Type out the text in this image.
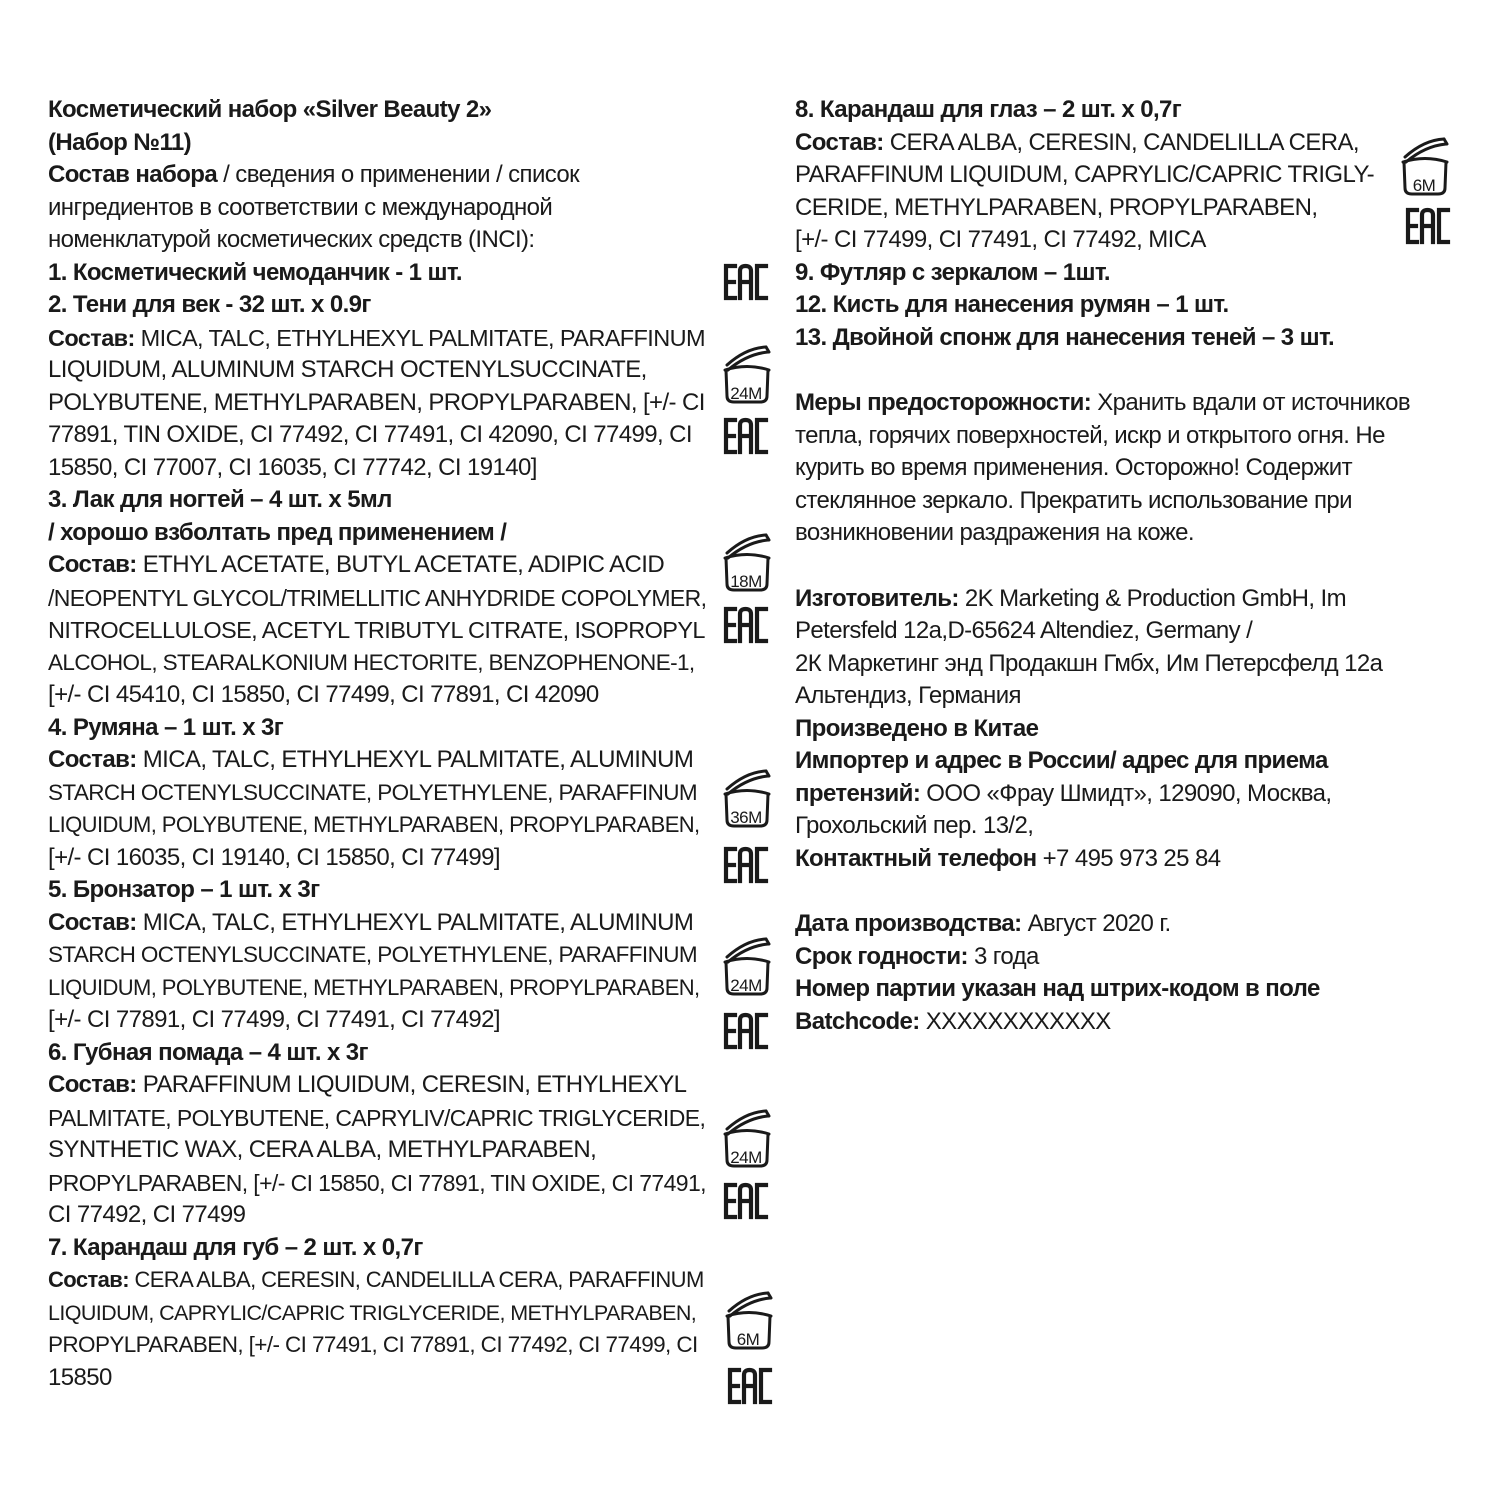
Косметический набор «Silver Beauty 2»

(Набор №11)

Состав набора / сведения о применении / список

ингредиентов в соответствии с международной

номенклатурой косметических средств (INCI):

1. Косметический чемоданчик - 1 шт.

2. Тени для век - 32 шт. x 0.9г

Состав: MICA, TALC, ETHYLHEXYL PALMITATE, PARAFFINUM

LIQUIDUM, ALUMINUM STARCH OCTENYLSUCCINATE,

POLYBUTENE, METHYLPARABEN, PROPYLPARABEN, [+/- CI

77891, TIN OXIDE, CI 77492, CI 77491, CI 42090, CI 77499, CI

15850, CI 77007, CI 16035, CI 77742, CI 19140]

3. Лак для ногтей – 4 шт. х 5мл

/ хорошо взболтать пред применением /

Состав: ETHYL ACETATE, BUTYL ACETATE, ADIPIC ACID

/NEOPENTYL GLYCOL/TRIMELLITIC ANHYDRIDE COPOLYMER,

NITROCELLULOSE, ACETYL TRIBUTYL CITRATE, ISOPROPYL

ALCOHOL, STEARALKONIUM HECTORITE, BENZOPHENONE-1,

[+/- CI 45410, CI 15850, CI 77499, CI 77891, CI 42090

4. Румяна – 1 шт. х 3г

Состав: MICA, TALC, ETHYLHEXYL PALMITATE, ALUMINUM

STARCH OCTENYLSUCCINATE, POLYETHYLENE, PARAFFINUM

LIQUIDUM, POLYBUTENE, METHYLPARABEN, PROPYLPARABEN,

[+/- CI 16035, CI 19140, CI 15850, CI 77499]

5. Бронзатор – 1 шт. х 3г

Состав: MICA, TALC, ETHYLHEXYL PALMITATE, ALUMINUM

STARCH OCTENYLSUCCINATE, POLYETHYLENE, PARAFFINUM

LIQUIDUM, POLYBUTENE, METHYLPARABEN, PROPYLPARABEN,

[+/- CI 77891, CI 77499, CI 77491, CI 77492]

6. Губная помада – 4 шт. х 3г

Состав: PARAFFINUM LIQUIDUM, CERESIN, ETHYLHEXYL

PALMITATE, POLYBUTENE, CAPRYLIV/CAPRIC TRIGLYCERIDE,

SYNTHETIC WAX, CERA ALBA, METHYLPARABEN,

PROPYLPARABEN, [+/- CI 15850, CI 77891, TIN OXIDE, CI 77491,

CI 77492, CI 77499

7. Карандаш для губ – 2 шт. х 0,7г

Состав: CERA ALBA, CERESIN, CANDELILLA CERA, PARAFFINUM

LIQUIDUM, CAPRYLIC/CAPRIC TRIGLYCERIDE, METHYLPARABEN,

PROPYLPARABEN, [+/- CI 77491, CI 77891, CI 77492, CI 77499, CI

15850

8. Карандаш для глаз – 2 шт. х 0,7г

Состав: CERA ALBA, CERESIN, CANDELILLA CERA,

PARAFFINUM LIQUIDUM, CAPRYLIC/CAPRIC TRIGLY-

CERIDE, METHYLPARABEN, PROPYLPARABEN,

[+/- CI 77499, CI 77491, CI 77492, MICA

9. Футляр с зеркалом – 1шт.

12. Кисть для нанесения румян – 1 шт.

13. Двойной спонж для нанесения теней – 3 шт.

Меры предосторожности: Хранить вдали от источников

тепла, горячих поверхностей, искр и открытого огня. Не

курить во время применения. Осторожно! Содержит

стеклянное зеркало. Прекратить использование при

возникновении раздражения на коже.

Изготовитель: 2K Marketing & Production GmbH, Im

Petersfeld 12a,D-65624 Altendiez, Germany /

2К Маркетинг энд Продакшн Гмбх, Им Петерсфелд 12а

Альтендиз, Германия

Произведено в Китае

Импортер и адрес в России/ адрес для приема

претензий: ООО «Фрау Шмидт», 129090, Москва,

Грохольский пер. 13/2,

Контактный телефон +7 495 973 25 84

Дата производства: Август 2020 г.

Срок годности: 3 года

Номер партии указан над штрих-кодом в поле

Batchcode: XXXXXXXXXXXX

6M
24M
18M
36M
24M
24M
6M
